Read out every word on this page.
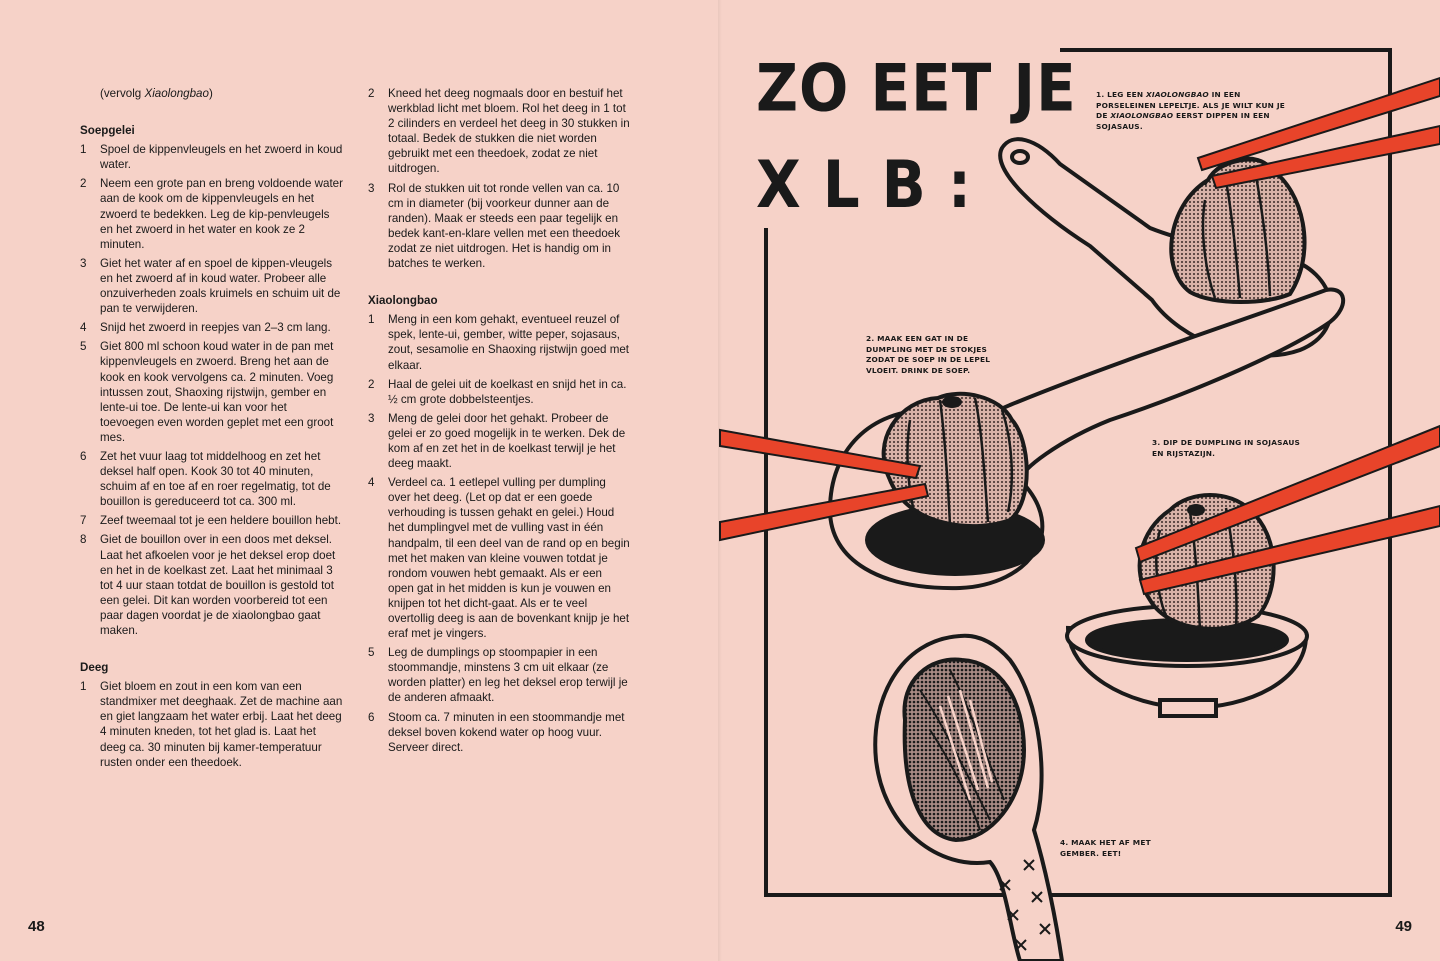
(vervolg Xiaolongbao)
Soepgelei
1	Spoel de kippenvleugels en het zwoerd in koud water.
2	Neem een grote pan en breng voldoende water aan de kook om de kippenvleugels en het zwoerd te bedekken. Leg de kip-penvleugels en het zwoerd in het water en kook ze 2 minuten.
3	Giet het water af en spoel de kippen-vleugels en het zwoerd af in koud water. Probeer alle onzuiverheden zoals kruimels en schuim uit de pan te verwijderen.
4	Snijd het zwoerd in reepjes van 2–3 cm lang.
5	Giet 800 ml schoon koud water in de pan met kippenvleugels en zwoerd. Breng het aan de kook en kook vervolgens ca. 2 minuten. Voeg intussen zout, Shaoxing rijstwijn, gember en lente-ui toe. De lente-ui kan voor het toevoegen even worden geplet met een groot mes.
6	Zet het vuur laag tot middelhoog en zet het deksel half open. Kook 30 tot 40 minuten, schuim af en toe af en roer regelmatig, tot de bouillon is gereduceerd tot ca. 300 ml.
7	Zeef tweemaal tot je een heldere bouillon hebt.
8	Giet de bouillon over in een doos met deksel. Laat het afkoelen voor je het deksel erop doet en het in de koelkast zet. Laat het minimaal 3 tot 4 uur staan totdat de bouillon is gestold tot een gelei. Dit kan worden voorbereid tot een paar dagen voordat je de xiaolongbao gaat maken.
Deeg
1	Giet bloem en zout in een kom van een standmixer met deeghaak. Zet de machine aan en giet langzaam het water erbij. Laat het deeg 4 minuten kneden, tot het glad is. Laat het deeg ca. 30 minuten bij kamer-temperatuur rusten onder een theedoek.
2	Kneed het deeg nogmaals door en bestuif het werkblad licht met bloem. Rol het deeg in 1 tot 2 cilinders en verdeel het deeg in 30 stukken in totaal. Bedek de stukken die niet worden gebruikt met een theedoek, zodat ze niet uitdrogen.
3	Rol de stukken uit tot ronde vellen van ca. 10 cm in diameter (bij voorkeur dunner aan de randen). Maak er steeds een paar tegelijk en bedek kant-en-klare vellen met een theedoek zodat ze niet uitdrogen. Het is handig om in batches te werken.
Xiaolongbao
1	Meng in een kom gehakt, eventueel reuzel of spek, lente-ui, gember, witte peper, sojasaus, zout, sesamolie en Shaoxing rijstwijn goed met elkaar.
2	Haal de gelei uit de koelkast en snijd het in ca. ½ cm grote dobbelsteentjes.
3	Meng de gelei door het gehakt. Probeer de gelei er zo goed mogelijk in te werken. Dek de kom af en zet het in de koelkast terwijl je het deeg maakt.
4	Verdeel ca. 1 eetlepel vulling per dumpling over het deeg. (Let op dat er een goede verhouding is tussen gehakt en gelei.) Houd het dumplingvel met de vulling vast in één handpalm, til een deel van de rand op en begin met het maken van kleine vouwen totdat je rondom vouwen hebt gemaakt. Als er een open gat in het midden is kun je vouwen en knijpen tot het dicht-gaat. Als er te veel overtollig deeg is aan de bovenkant knijp je het eraf met je vingers.
5	Leg de dumplings op stoompapier in een stoommandje, minstens 3 cm uit elkaar (ze worden platter) en leg het deksel erop terwijl je de anderen afmaakt.
6	Stoom ca. 7 minuten in een stoommandje met deksel boven kokend water op hoog vuur. Serveer direct.
48
ZO EET JE
XLB:
1. LEG EEN XIAOLONGBAO IN EEN PORSELEINEN LEPELTJE. ALS JE WILT KUN JE DE XIAOLONGBAO EERST DIPPEN IN EEN SOJASAUS.
2. MAAK EEN GAT IN DE DUMPLING MET DE STOKJES ZODAT DE SOEP IN DE LEPEL VLOEIT. DRINK DE SOEP.
3. DIP DE DUMPLING IN SOJASAUS EN RIJSTAZIJN.
4. MAAK HET AF MET GEMBER. EET!
49
